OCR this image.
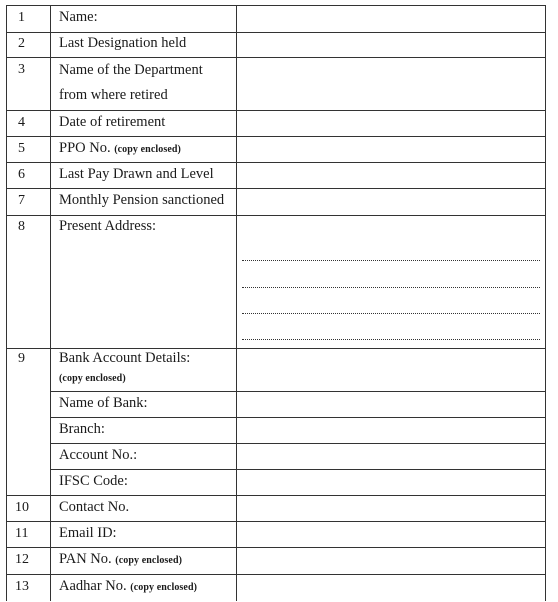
1 Name:
2 Last Designation held
3 Name of the Department
from where retired
4 Date of retirement
5 PPO No. (copy enclosed)
6 Last Pay Drawn and Level
7 Monthly Pension sanctioned
8 Present Address:
9 Bank Account Details:
(copy enclosed)
Name of Bank:
Branch:
Account No.:
IFSC Code:
10 Contact No.
11 Email ID:
12 PAN No. (copy enclosed)
13 Aadhar No. (copy enclosed)
